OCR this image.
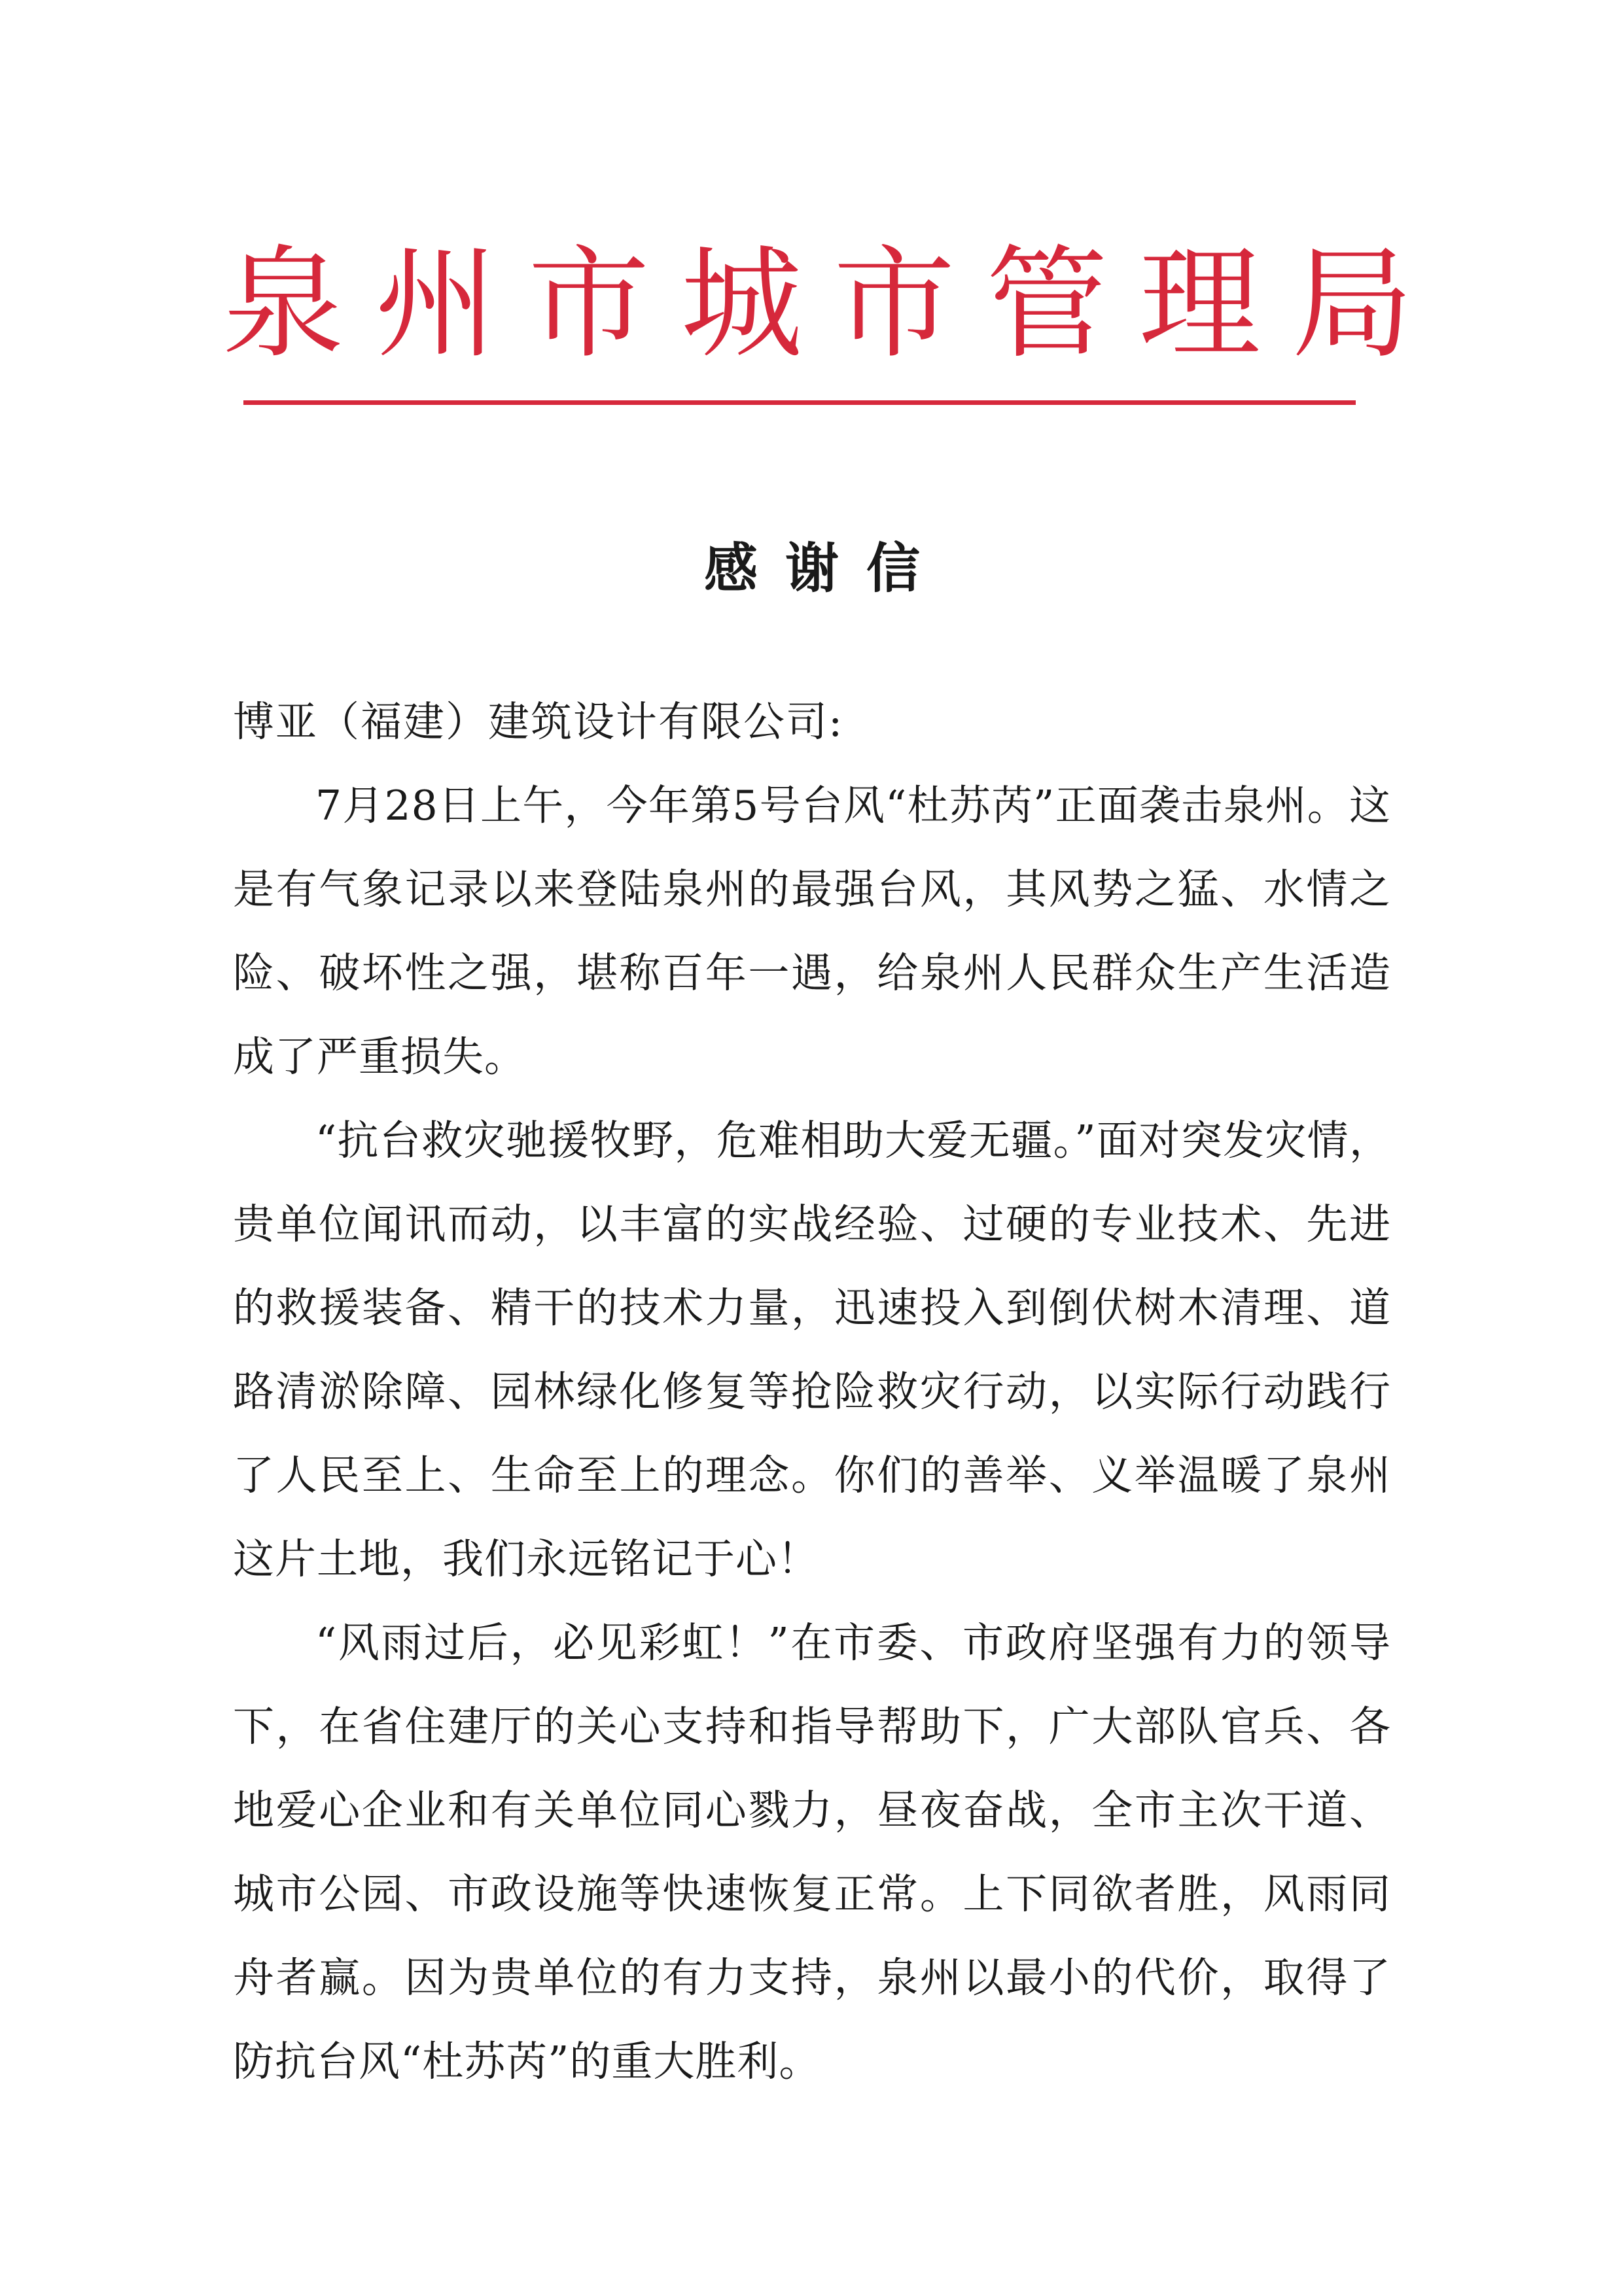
泉 州 市 城 市 管 理 局
感谢信

博亚（福建）建筑设计有限公司:

7月28日上午，今年第5号台风“杜苏芮”正面袭击泉州。这是有气象记录以来登陆泉州的最强台风，其风势之猛、水情之险、破坏性之强，堪称百年一遇，给泉州人民群众生产生活造成了严重损失。

“抗台救灾驰援牧野，危难相助大爱无疆。”面对突发灾情，贵单位闻讯而动，以丰富的实战经验、过硬的专业技术、先进的救援装备、精干的技术力量，迅速投入到倒伏树木清理、道路清淤除障、园林绿化修复等抢险救灾行动，以实际行动践行了人民至上、生命至上的理念。你们的善举、义举温暖了泉州这片土地，我们永远铭记于心！

“风雨过后，必见彩虹！”在市委、市政府坚强有力的领导下，在省住建厅的关心支持和指导帮助下，广大部队官兵、各地爱心企业和有关单位同心戮力，昼夜奋战，全市主次干道、城市公园、市政设施等快速恢复正常。上下同欲者胜，风雨同舟者赢。因为贵单位的有力支持，泉州以最小的代价，取得了防抗台风“杜苏芮”的重大胜利。
